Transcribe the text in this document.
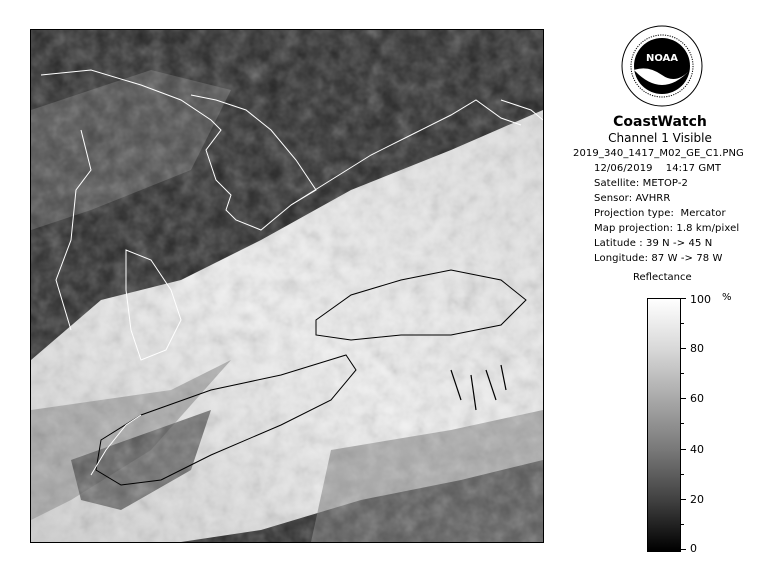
NOAA
CoastWatch
Channel 1 Visible
2019_340_1417_M02_GE_C1.PNG
12/06/2019    14:17 GMT
Satellite: METOP-2
Sensor: AVHRR
Projection type:  Mercator
Map projection: 1.8 km/pixel
Latitude : 39 N -> 45 N
Longitude: 87 W -> 78 W
Reflectance
%
100
80
60
40
20
0
